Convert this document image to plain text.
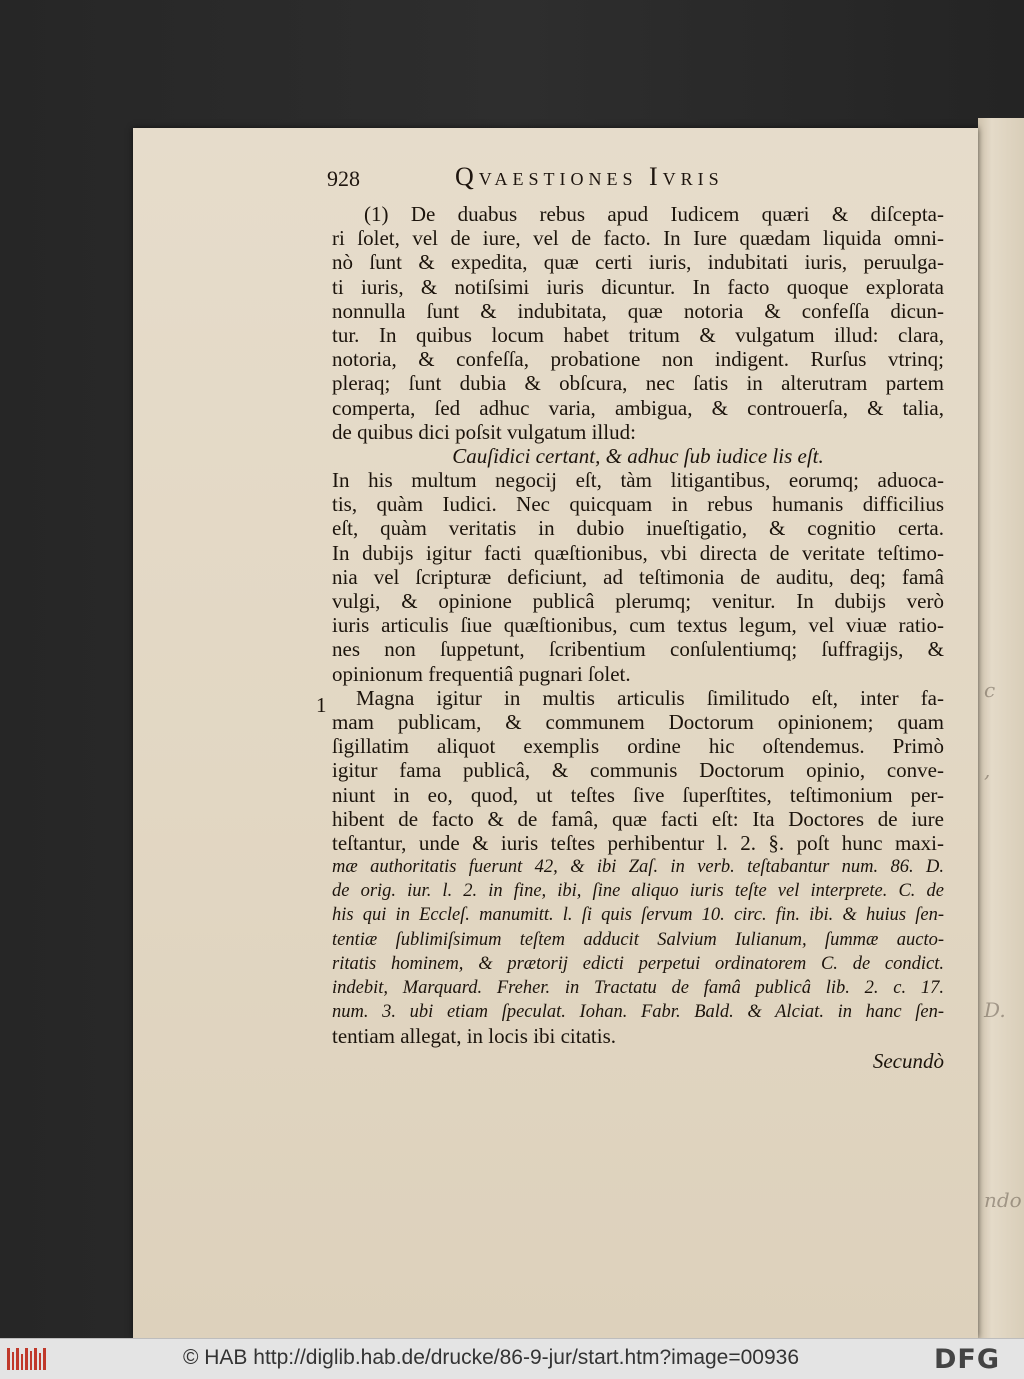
c
,
D.
ndo
928	Qvaestiones Ivris
1
(1) De duabus rebus apud Iudicem quæri & diſcepta-
ri ſolet, vel de iure, vel de facto. In Iure quædam liquida omni-
nò ſunt & expedita, quæ certi iuris, indubitati iuris, peruulga-
ti iuris, & notiſsimi iuris dicuntur. In facto quoque explorata
nonnulla ſunt & indubitata, quæ notoria & confeſſa dicun-
tur. In quibus locum habet tritum & vulgatum illud: clara,
notoria, & confeſſa, probatione non indigent. Rurſus vtrinq;
pleraq; ſunt dubia & obſcura, nec ſatis in alterutram partem
comperta, ſed adhuc varia, ambigua, & controuerſa, & talia,
de quibus dici poſsit vulgatum illud:
Cauſidici certant, & adhuc ſub iudice lis eſt.
In his multum negocij eſt, tàm litigantibus, eorumq; aduoca-
tis, quàm Iudici. Nec quicquam in rebus humanis difficilius
eſt, quàm veritatis in dubio inueſtigatio, & cognitio certa.
In dubijs igitur facti quæſtionibus, vbi directa de veritate teſtimo-
nia vel ſcripturæ deficiunt, ad teſtimonia de auditu, deq; famâ
vulgi, & opinione publicâ plerumq; venitur. In dubijs verò
iuris articulis ſiue quæſtionibus, cum textus legum, vel viuæ ratio-
nes non ſuppetunt, ſcribentium conſulentiumq; ſuffragijs, &
opinionum frequentiâ pugnari ſolet.
Magna igitur in multis articulis ſimilitudo eſt, inter fa-
mam publicam, & communem Doctorum opinionem; quam
ſigillatim aliquot exemplis ordine hic oſtendemus. Primò
igitur fama publicâ, & communis Doctorum opinio, conve-
niunt in eo, quod, ut teſtes ſive ſuperſtites, teſtimonium per-
hibent de facto & de famâ, quæ facti eſt: Ita Doctores de iure
teſtantur, unde & iuris teſtes perhibentur l. 2. §. poſt hunc maxi-
mæ authoritatis fuerunt 42, & ibi Zaſ. in verb. teſtabantur num. 86. D.
de orig. iur. l. 2. in fine, ibi, ſine aliquo iuris teſte vel interprete. C. de
his qui in Eccleſ. manumitt. l. ſi quis ſervum 10. circ. fin. ibi. & huius ſen-
tentiæ ſublimiſsimum teſtem adducit Salvium Iulianum, ſummæ aucto-
ritatis hominem, & prætorij edicti perpetui ordinatorem C. de condict.
indebit, Marquard. Freher. in Tractatu de famâ publicâ lib. 2. c. 17.
num. 3. ubi etiam ſpeculat. Iohan. Fabr. Bald. & Alciat. in hanc ſen-
tentiam allegat, in locis ibi citatis.
Secundò
© HAB http://diglib.hab.de/drucke/86-9-jur/start.htm?image=00936	DFG
